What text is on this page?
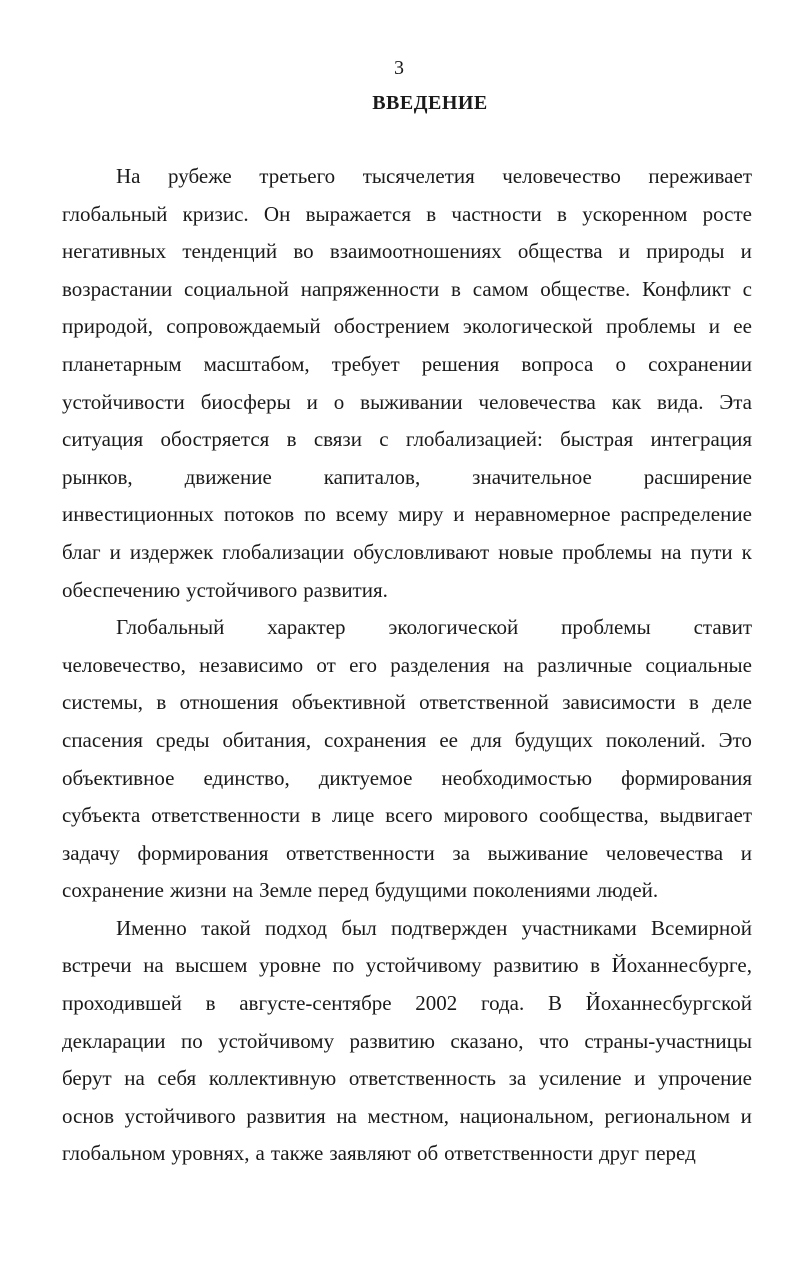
3
ВВЕДЕНИЕ
На рубеже третьего тысячелетия человечество переживает
глобальный кризис. Он выражается в частности в ускоренном росте
негативных тенденций во взаимоотношениях общества и природы и
возрастании социальной напряженности в самом обществе. Конфликт с
природой, сопровождаемый обострением экологической проблемы и ее
планетарным масштабом, требует решения вопроса о сохранении
устойчивости биосферы и о выживании человечества как вида. Эта
ситуация обостряется в связи с глобализацией: быстрая интеграция
рынков, движение капиталов, значительное расширение
инвестиционных потоков по всему миру и неравномерное распределение
благ и издержек глобализации обусловливают новые проблемы на пути к
обеспечению устойчивого развития.
Глобальный характер экологической проблемы ставит
человечество, независимо от его разделения на различные социальные
системы, в отношения объективной ответственной зависимости в деле
спасения среды обитания, сохранения ее для будущих поколений. Это
объективное единство, диктуемое необходимостью формирования
субъекта ответственности в лице всего мирового сообщества, выдвигает
задачу формирования ответственности за выживание человечества и
сохранение жизни на Земле перед будущими поколениями людей.
Именно такой подход был подтвержден участниками Всемирной
встречи на высшем уровне по устойчивому развитию в Йоханнесбурге,
проходившей в августе-сентябре 2002 года. В Йоханнесбургской
декларации по устойчивому развитию сказано, что страны-участницы
берут на себя коллективную ответственность за усиление и упрочение
основ устойчивого развития на местном, национальном, региональном и
глобальном уровнях, а также заявляют об ответственности друг перед
